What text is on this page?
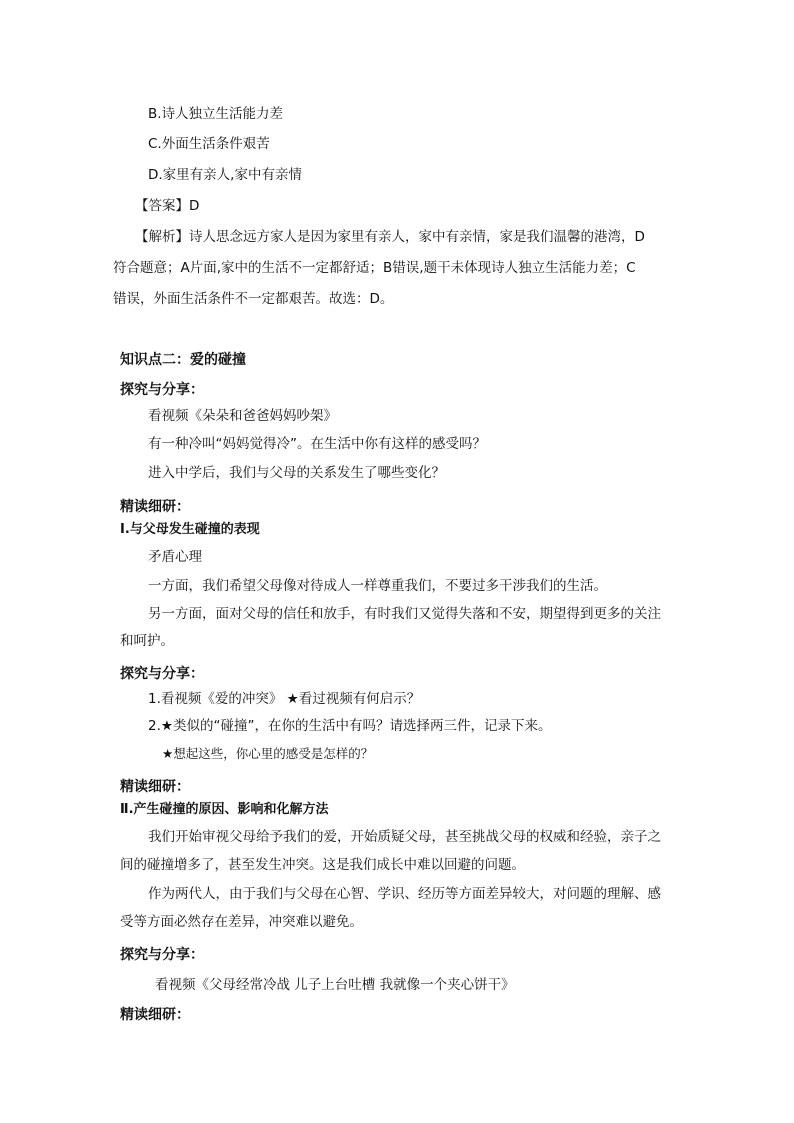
B.诗人独立生活能力差
C.外面生活条件艰苦
D.家里有亲人,家中有亲情
【答案】D
【解析】诗人思念远方家人是因为家里有亲人，家中有亲情，家是我们温馨的港湾，D
符合题意；A片面,家中的生活不一定都舒适；B错误,题干未体现诗人独立生活能力差；C
错误，外面生活条件不一定都艰苦。故选：D。
知识点二：爱的碰撞
探究与分享：
看视频《朵朵和爸爸妈妈吵架》
有一种冷叫“妈妈觉得冷”。在生活中你有这样的感受吗？
进入中学后，我们与父母的关系发生了哪些变化？
精读细研：
Ⅰ.与父母发生碰撞的表现
矛盾心理
一方面，我们希望父母像对待成人一样尊重我们，不要过多干涉我们的生活。
另一方面，面对父母的信任和放手，有时我们又觉得失落和不安，期望得到更多的关注
和呵护。
探究与分享：
1.看视频《爱的冲突》 ★看过视频有何启示？
2.★类似的“碰撞”，在你的生活中有吗？请选择两三件，记录下来。
★想起这些，你心里的感受是怎样的？
精读细研：
Ⅱ.产生碰撞的原因、影响和化解方法
我们开始审视父母给予我们的爱，开始质疑父母，甚至挑战父母的权威和经验，亲子之
间的碰撞增多了，甚至发生冲突。这是我们成长中难以回避的问题。
作为两代人，由于我们与父母在心智、学识、经历等方面差异较大，对问题的理解、感
受等方面必然存在差异，冲突难以避免。
探究与分享：
看视频《父母经常冷战 儿子上台吐槽 我就像一个夹心饼干》
精读细研：
